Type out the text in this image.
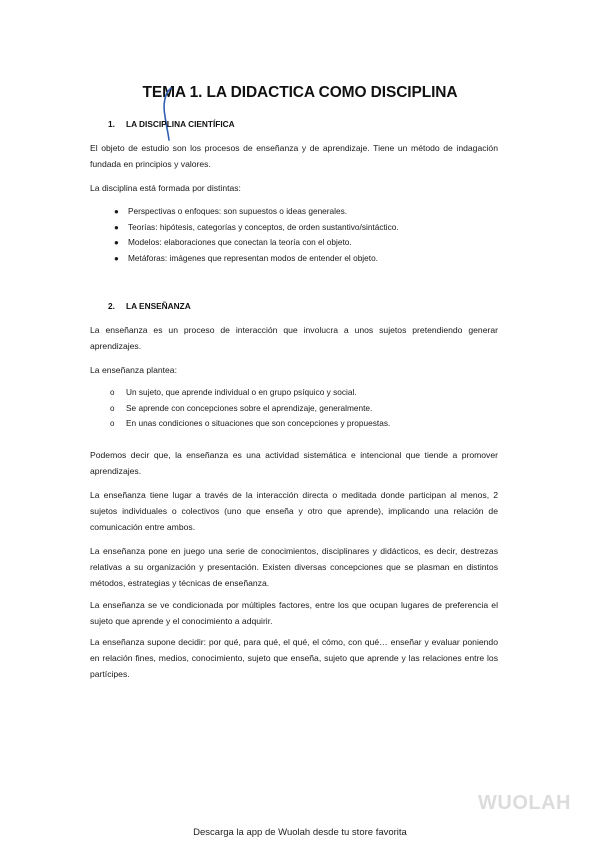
TEMA 1. LA DIDACTICA COMO DISCIPLINA
1. LA DISCIPLINA CIENTÍFICA
El objeto de estudio son los procesos de enseñanza y de aprendizaje. Tiene un método de indagación fundada en principios y valores.
La disciplina está formada por distintas:
● Perspectivas o enfoques: son supuestos o ideas generales.
● Teorías: hipótesis, categorías y conceptos, de orden sustantivo/sintáctico.
● Modelos: elaboraciones que conectan la teoría con el objeto.
● Metáforas: imágenes que representan modos de entender el objeto.
2. LA ENSEÑANZA
La enseñanza es un proceso de interacción que involucra a unos sujetos pretendiendo generar aprendizajes.
La enseñanza plantea:
o Un sujeto, que aprende individual o en grupo psíquico y social.
o Se aprende con concepciones sobre el aprendizaje, generalmente.
o En unas condiciones o situaciones que son concepciones y propuestas.
Podemos decir que, la enseñanza es una actividad sistemática e intencional que tiende a promover aprendizajes.
La enseñanza tiene lugar a través de la interacción directa o meditada donde participan al menos, 2 sujetos individuales o colectivos (uno que enseña y otro que aprende), implicando una relación de comunicación entre ambos.
La enseñanza pone en juego una serie de conocimientos, disciplinares y didácticos, es decir, destrezas relativas a su organización y presentación. Existen diversas concepciones que se plasman en distintos métodos, estrategias y técnicas de enseñanza.
La enseñanza se ve condicionada por múltiples factores, entre los que ocupan lugares de preferencia el sujeto que aprende y el conocimiento a adquirir.
La enseñanza supone decidir: por qué, para qué, el qué, el cómo, con qué… enseñar y evaluar poniendo en relación fines, medios, conocimiento, sujeto que enseña, sujeto que aprende y las relaciones entre los partícipes.
WUOLAH
Descarga la app de Wuolah desde tu store favorita
